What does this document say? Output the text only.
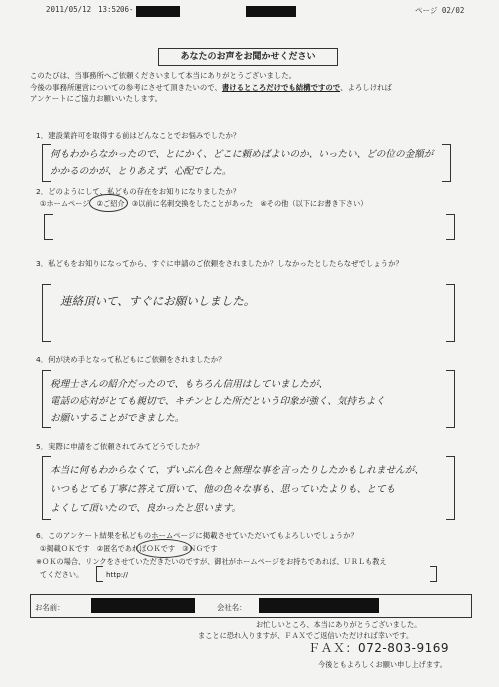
2011/05/12 13:52 06-	ページ 02/02
あなたのお声をお聞かせください
このたびは、当事務所へご依頼くださいまして本当にありがとうございました。
今後の事務所運営についての参考にさせて頂きたいので、書けるところだけでも結構ですので、よろしければ
アンケートにご協力お願いいたします。
1．建設業許可を取得する前はどんなことでお悩みでしたか？
何もわからなかったので、とにかく、どこに頼めばよいのか、いったい、どの位の金額が
かかるのかが、とりあえず、心配でした。
2．どのようにして、私どもの存在をお知りになりましたか？
①ホームページ　②ご紹介　③以前に名刺交換をしたことがあった　④その他（以下にお書き下さい）
3．私どもをお知りになってから、すぐに申請のご依頼をされましたか？しなかったとしたらなぜでしょうか？
連絡頂いて、すぐにお願いしました。
4．何が決め手となって私どもにご依頼をされましたか？
税理士さんの紹介だったので、もちろん信用はしていましたが、
電話の応対がとても親切で、キチンとした所だという印象が強く、気持ちよく
お願いすることができました。
5．実際に申請をご依頼されてみてどうでしたか？
本当に何もわからなくて、ずいぶん色々と無理な事を言ったりしたかもしれませんが、
いつもとても丁寧に答えて頂いて、他の色々な事も、思っていたよりも、とても
よくして頂いたので、良かったと思います。
6．このアンケート結果を私どものホームページに掲載させていただいてもよろしいでしょうか？
①掲載ＯＫです　②匿名であればＯＫです　③ＮＧです
※ＯＫの場合、リンクをさせていただきたいのですが、御社がホームページをお持ちであれば、ＵＲＬも教え
てください。	http://
お名前：	会社名：
お忙しいところ、本当にありがとうございました。
まことに恐れ入りますが、ＦＡＸでご返信いただければ幸いです。
ＦＡＸ：072-803-9169
今後ともよろしくお願い申し上げます。
